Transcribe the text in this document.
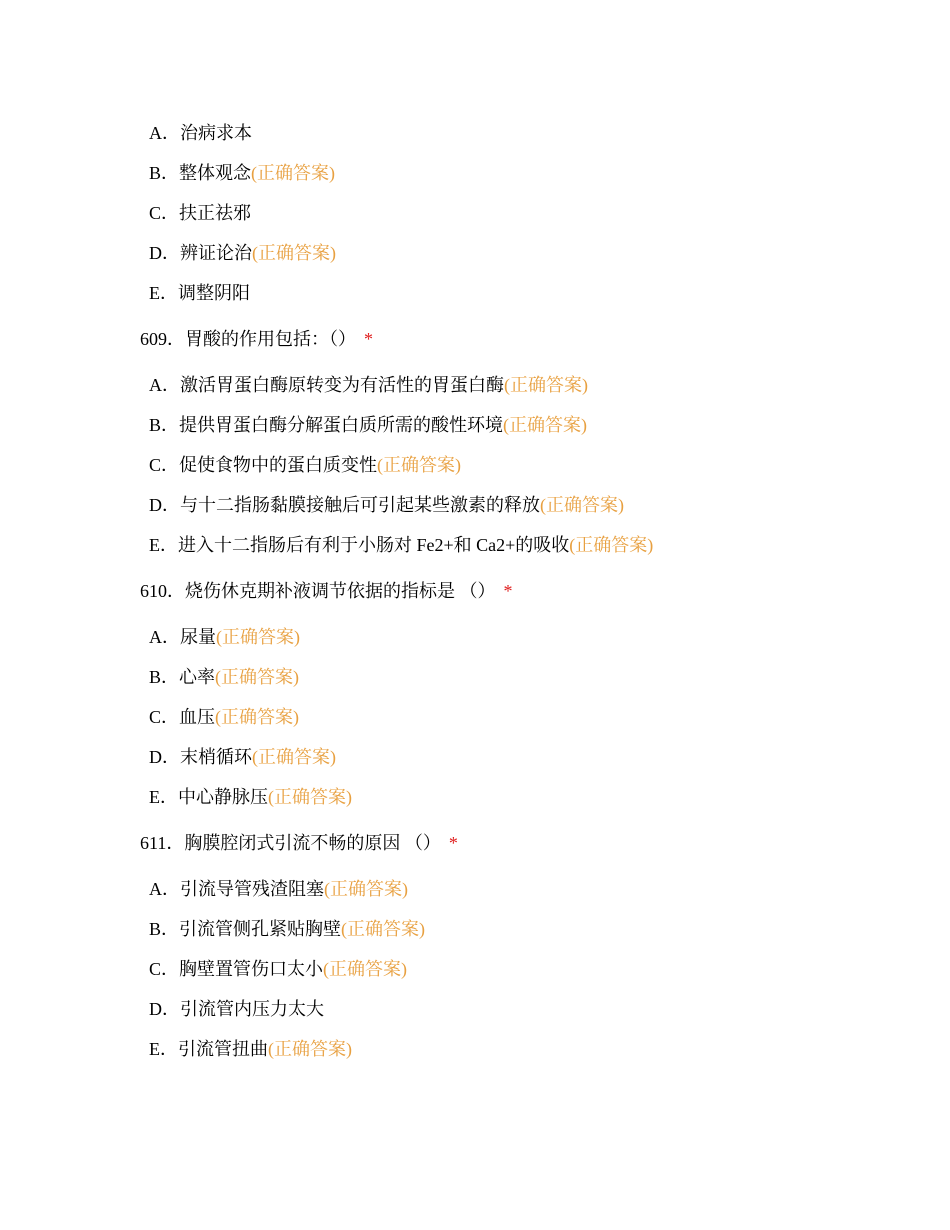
A．治病求本
B．整体观念(正确答案)
C．扶正祛邪
D．辨证论治(正确答案)
E．调整阴阳
609．胃酸的作用包括：（） *
A．激活胃蛋白酶原转变为有活性的胃蛋白酶(正确答案)
B．提供胃蛋白酶分解蛋白质所需的酸性环境(正确答案)
C．促使食物中的蛋白质变性(正确答案)
D．与十二指肠黏膜接触后可引起某些激素的释放(正确答案)
E．进入十二指肠后有利于小肠对 Fe2+和 Ca2+的吸收(正确答案)
610．烧伤休克期补液调节依据的指标是 （） *
A．尿量(正确答案)
B．心率(正确答案)
C．血压(正确答案)
D．末梢循环(正确答案)
E．中心静脉压(正确答案)
611．胸膜腔闭式引流不畅的原因 （） *
A．引流导管残渣阻塞(正确答案)
B．引流管侧孔紧贴胸壁(正确答案)
C．胸壁置管伤口太小(正确答案)
D．引流管内压力太大
E．引流管扭曲(正确答案)
